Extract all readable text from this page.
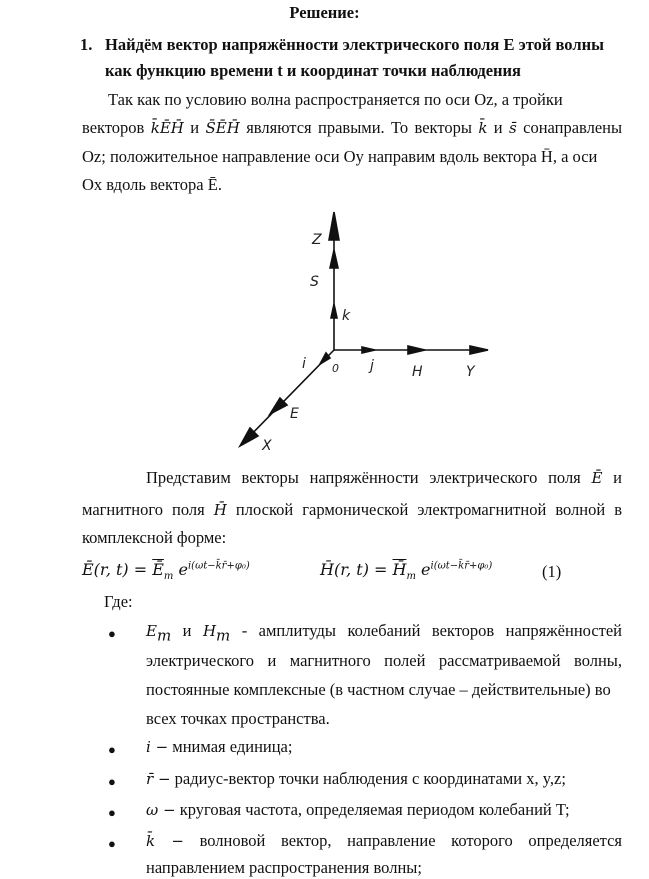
Решение:
1. Найдём вектор напряжённости электрического поля E этой волны
как функцию времени t и координат точки наблюдения
Так как по условию волна распространяется по оси Oz, а тройки
векторов k̄ĒH̄ и S̄ĒH̄ являются правыми. То векторы k̄ и s̄ сонаправлены
Oz; положительное направление оси Oy направим вдоль вектора H̄, а оси
Ox вдоль вектора Ē.
Z
S
k
i 0 j	H	Y
E
X
Представим векторы напряжённости электрического поля Ē и
магнитного поля H̄ плоской гармонической электромагнитной волной в
комплексной форме:
Ē(r, $t) = \overline{Ē}_m$ $e^{i(\omega t-k̄r̄+\varphi_0)}$	H̄(r, $t) = H̄_m$ $e^{i(\omega t-k̄r̄+\varphi_0)}$	(1)
Где:
● $E_m$ и $H_m$ - амплитуды колебаний векторов напряжённостей
электрического и магнитного полей рассматриваемой волны,
постоянные комплексные (в частном случае – действительные) во
всех точках пространства.
● i − мнимая единица;
● r̄ − радиус-вектор точки наблюдения с координатами x, y,z;
● ω − круговая частота, определяемая периодом колебаний T;
● k̄ − волновой вектор, направление которого определяется
направлением распространения волны;
